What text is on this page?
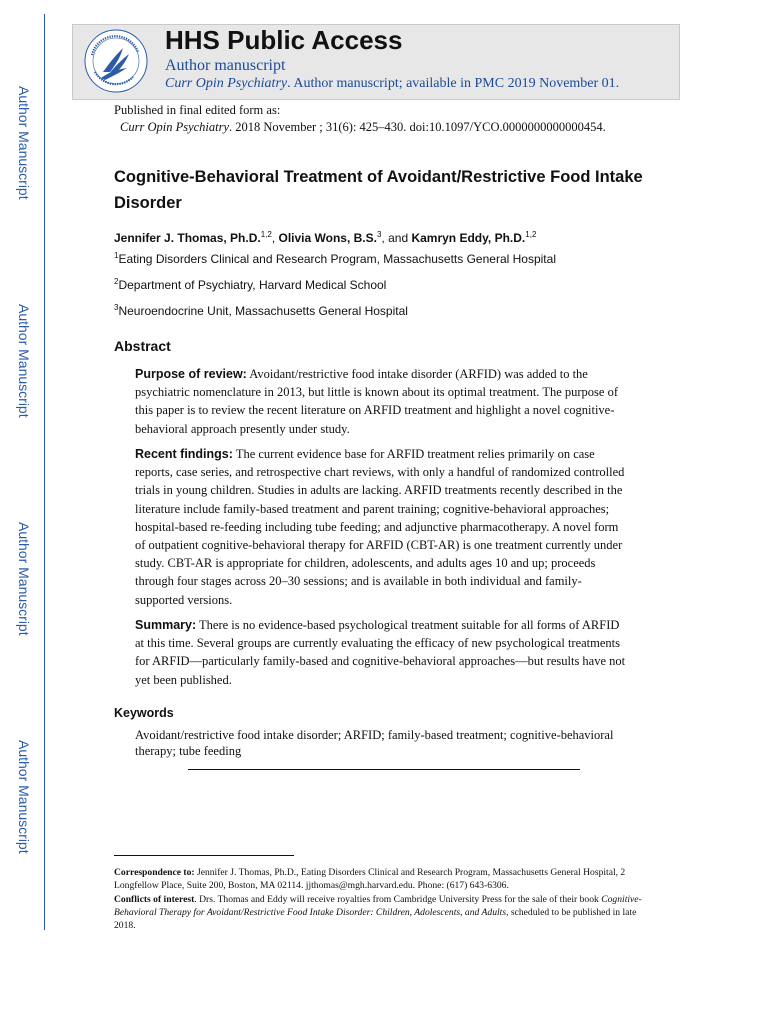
Author Manuscript
Author Manuscript
Author Manuscript
Author Manuscript
HHS Public Access
Author manuscript
Curr Opin Psychiatry. Author manuscript; available in PMC 2019 November 01.
Published in final edited form as:
Curr Opin Psychiatry. 2018 November ; 31(6): 425–430. doi:10.1097/YCO.0000000000000454.
Cognitive-Behavioral Treatment of Avoidant/Restrictive Food Intake Disorder
Jennifer J. Thomas, Ph.D.$^{1,2}$, Olivia Wons, B.S.$^3$, and Kamryn Eddy, Ph.D.$^{1,2}$
$^1$Eating Disorders Clinical and Research Program, Massachusetts General Hospital
$^2$Department of Psychiatry, Harvard Medical School
$^3$Neuroendocrine Unit, Massachusetts General Hospital
Abstract
Purpose of review: Avoidant/restrictive food intake disorder (ARFID) was added to the psychiatric nomenclature in 2013, but little is known about its optimal treatment. The purpose of this paper is to review the recent literature on ARFID treatment and highlight a novel cognitive-behavioral approach presently under study.
Recent findings: The current evidence base for ARFID treatment relies primarily on case reports, case series, and retrospective chart reviews, with only a handful of randomized controlled trials in young children. Studies in adults are lacking. ARFID treatments recently described in the literature include family-based treatment and parent training; cognitive-behavioral approaches; hospital-based re-feeding including tube feeding; and adjunctive pharmacotherapy. A novel form of outpatient cognitive-behavioral therapy for ARFID (CBT-AR) is one treatment currently under study. CBT-AR is appropriate for children, adolescents, and adults ages 10 and up; proceeds through four stages across 20–30 sessions; and is available in both individual and family-supported versions.
Summary: There is no evidence-based psychological treatment suitable for all forms of ARFID at this time. Several groups are currently evaluating the efficacy of new psychological treatments for ARFID—particularly family-based and cognitive-behavioral approaches—but results have not yet been published.
Keywords
Avoidant/restrictive food intake disorder; ARFID; family-based treatment; cognitive-behavioral therapy; tube feeding
Correspondence to: Jennifer J. Thomas, Ph.D., Eating Disorders Clinical and Research Program, Massachusetts General Hospital, 2 Longfellow Place, Suite 200, Boston, MA 02114. jjthomas@mgh.harvard.edu. Phone: (617) 643-6306.
Conflicts of interest. Drs. Thomas and Eddy will receive royalties from Cambridge University Press for the sale of their book Cognitive-Behavioral Therapy for Avoidant/Restrictive Food Intake Disorder: Children, Adolescents, and Adults, scheduled to be published in late 2018.
